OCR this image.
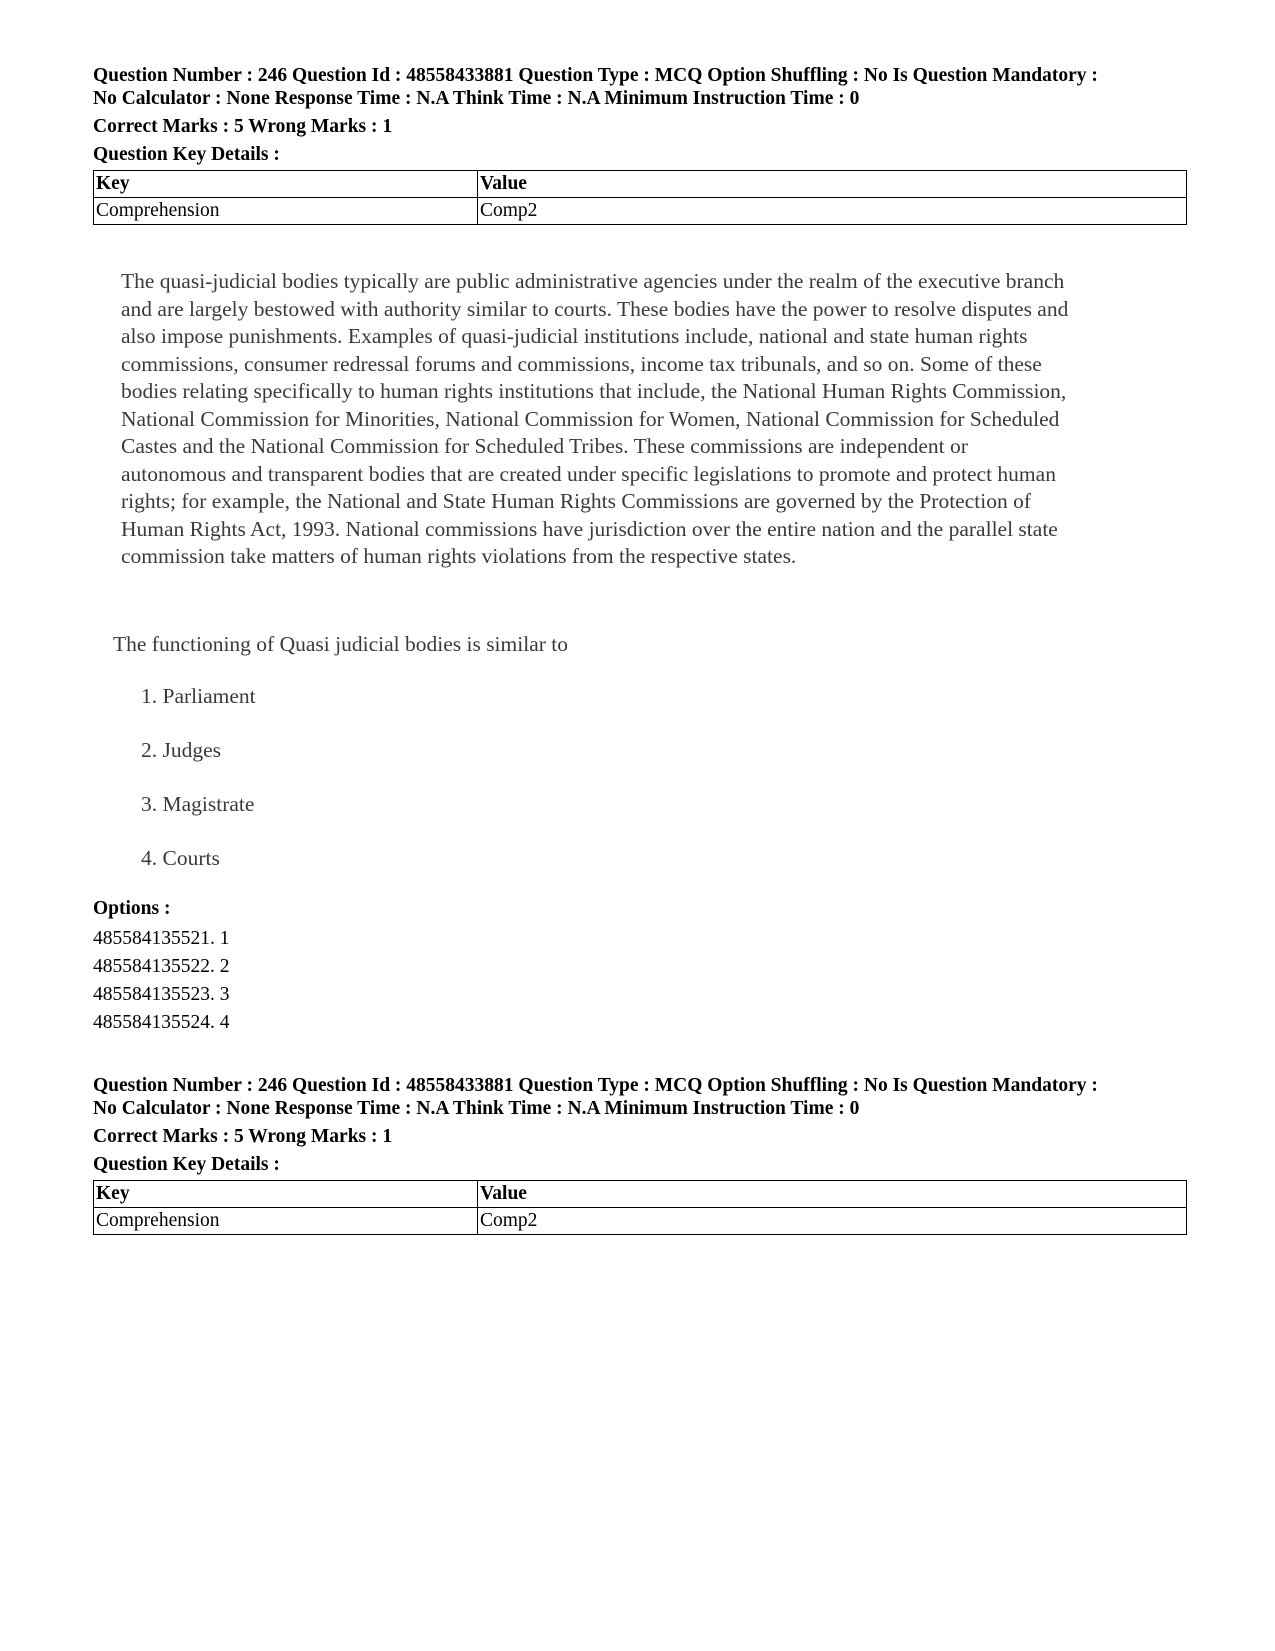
Question Number : 246 Question Id : 48558433881 Question Type : MCQ Option Shuffling : No Is Question Mandatory :
No Calculator : None Response Time : N.A Think Time : N.A Minimum Instruction Time : 0

Correct Marks : 5 Wrong Marks : 1

Question Key Details :

Key	Value
Comprehension	Comp2
The quasi-judicial bodies typically are public administrative agencies under the realm of the executive branch
and are largely bestowed with authority similar to courts. These bodies have the power to resolve disputes and
also impose punishments. Examples of quasi-judicial institutions include, national and state human rights
commissions, consumer redressal forums and commissions, income tax tribunals, and so on. Some of these
bodies relating specifically to human rights institutions that include, the National Human Rights Commission,
National Commission for Minorities, National Commission for Women, National Commission for Scheduled
Castes and the National Commission for Scheduled Tribes. These commissions are independent or
autonomous and transparent bodies that are created under specific legislations to promote and protect human
rights; for example, the National and State Human Rights Commissions are governed by the Protection of
Human Rights Act, 1993. National commissions have jurisdiction over the entire nation and the parallel state
commission take matters of human rights violations from the respective states.

The functioning of Quasi judicial bodies is similar to

1. Parliament
2. Judges
3. Magistrate
4. Courts

Options :

485584135521. 1
485584135522. 2
485584135523. 3
485584135524. 4

Question Number : 246 Question Id : 48558433881 Question Type : MCQ Option Shuffling : No Is Question Mandatory :
No Calculator : None Response Time : N.A Think Time : N.A Minimum Instruction Time : 0

Correct Marks : 5 Wrong Marks : 1

Question Key Details :

Key	Value
Comprehension	Comp2
